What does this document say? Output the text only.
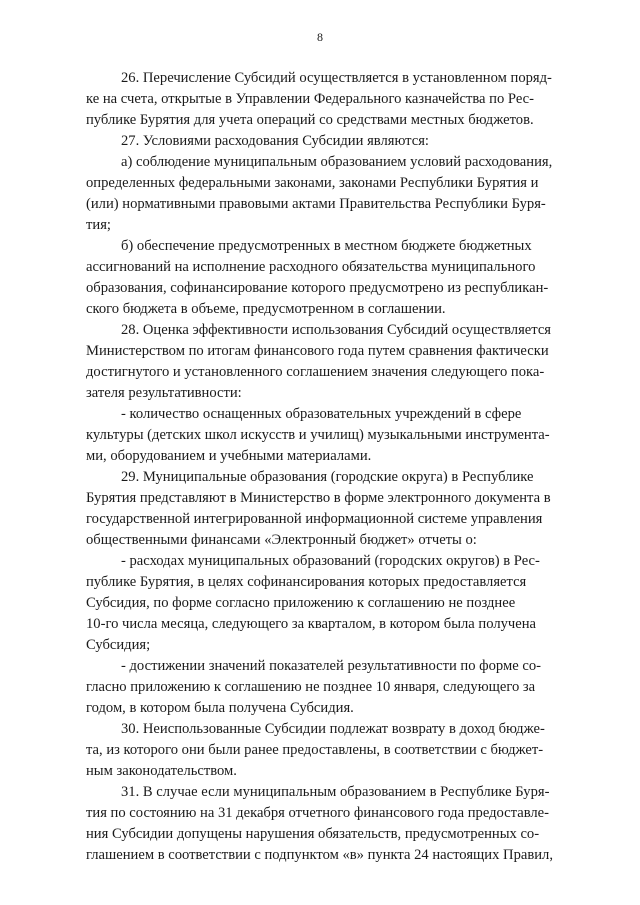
8

26. Перечисление Субсидий осуществляется в установленном поряд-
ке на счета, открытые в Управлении Федерального казначейства по Рес-
публике Бурятия для учета операций со средствами местных бюджетов.

27. Условиями расходования Субсидии являются:

а) соблюдение муниципальным образованием условий расходования,
определенных федеральными законами, законами Республики Бурятия и
(или) нормативными правовыми актами Правительства Республики Буря-
тия;

б) обеспечение предусмотренных в местном бюджете бюджетных
ассигнований на исполнение расходного обязательства муниципального
образования, софинансирование которого предусмотрено из республикан-
ского бюджета в объеме, предусмотренном в соглашении.

28. Оценка эффективности использования Субсидий осуществляется
Министерством по итогам финансового года путем сравнения фактически
достигнутого и установленного соглашением значения следующего пока-
зателя результативности:

- количество оснащенных образовательных учреждений в сфере
культуры (детских школ искусств и училищ) музыкальными инструмента-
ми, оборудованием и учебными материалами.

29. Муниципальные образования (городские округа) в Республике
Бурятия представляют в Министерство в форме электронного документа в
государственной интегрированной информационной системе управления
общественными финансами «Электронный бюджет» отчеты о:

- расходах муниципальных образований (городских округов) в Рес-
публике Бурятия, в целях софинансирования которых предоставляется
Субсидия, по форме согласно приложению к соглашению не позднее
10-го числа месяца, следующего за кварталом, в котором была получена
Субсидия;

- достижении значений показателей результативности по форме со-
гласно приложению к соглашению не позднее 10 января, следующего за
годом, в котором была получена Субсидия.

30. Неиспользованные Субсидии подлежат возврату в доход бюдже-
та, из которого они были ранее предоставлены, в соответствии с бюджет-
ным законодательством.

31. В случае если муниципальным образованием в Республике Буря-
тия по состоянию на 31 декабря отчетного финансового года предоставле-
ния Субсидии допущены нарушения обязательств, предусмотренных со-
глашением в соответствии с подпунктом «в» пункта 24 настоящих Правил,
